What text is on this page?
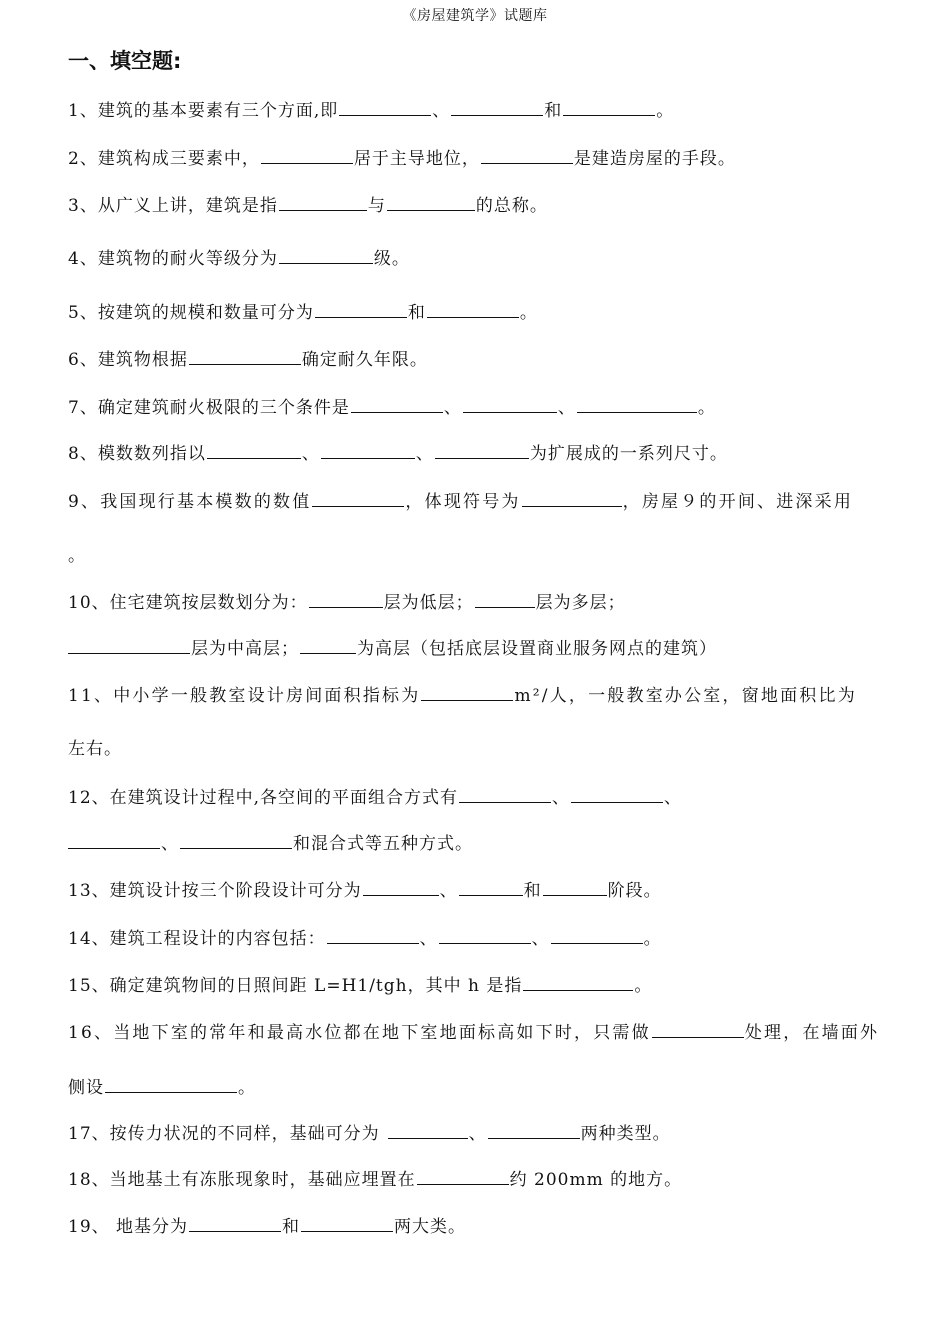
《房屋建筑学》试题库
一、填空题:
1、建筑的基本要素有三个方面,即	、	和	。
2、建筑构成三要素中，	居于主导地位，	是建造房屋的手段。
3、从广义上讲，建筑是指	与	的总称。
4、建筑物的耐火等级分为	级。
5、按建筑的规模和数量可分为	和	。
6、建筑物根据	确定耐久年限。
7、确定建筑耐火极限的三个条件是	、	、	。
8、模数数列指以	、	、	为扩展成的一系列尺寸。
9、我国现行基本模数的数值	，体现符号为	，房屋９的开间、进深采用
。
10、住宅建筑按层数划分为：	层为低层；	层为多层；
层为中高层；	为高层（包括底层设置商业服务网点的建筑）
11、中小学一般教室设计房间面积指标为	m²/人，一般教室办公室，窗地面积比为
左右。
12、在建筑设计过程中,各空间的平面组合方式有	、	、
、	和混合式等五种方式。
13、建筑设计按三个阶段设计可分为	、	和	阶段。
14、建筑工程设计的内容包括：	、	、	。
15、确定建筑物间的日照间距 L=H1/tgh，其中 h 是指	。
16、当地下室的常年和最高水位都在地下室地面标高如下时，只需做	处理，在墙面外
侧设	。
17、按传力状况的不同样，基础可分为	、	两种类型。
18、当地基土有冻胀现象时，基础应埋置在	约 200mm 的地方。
19、 地基分为	和	两大类。
